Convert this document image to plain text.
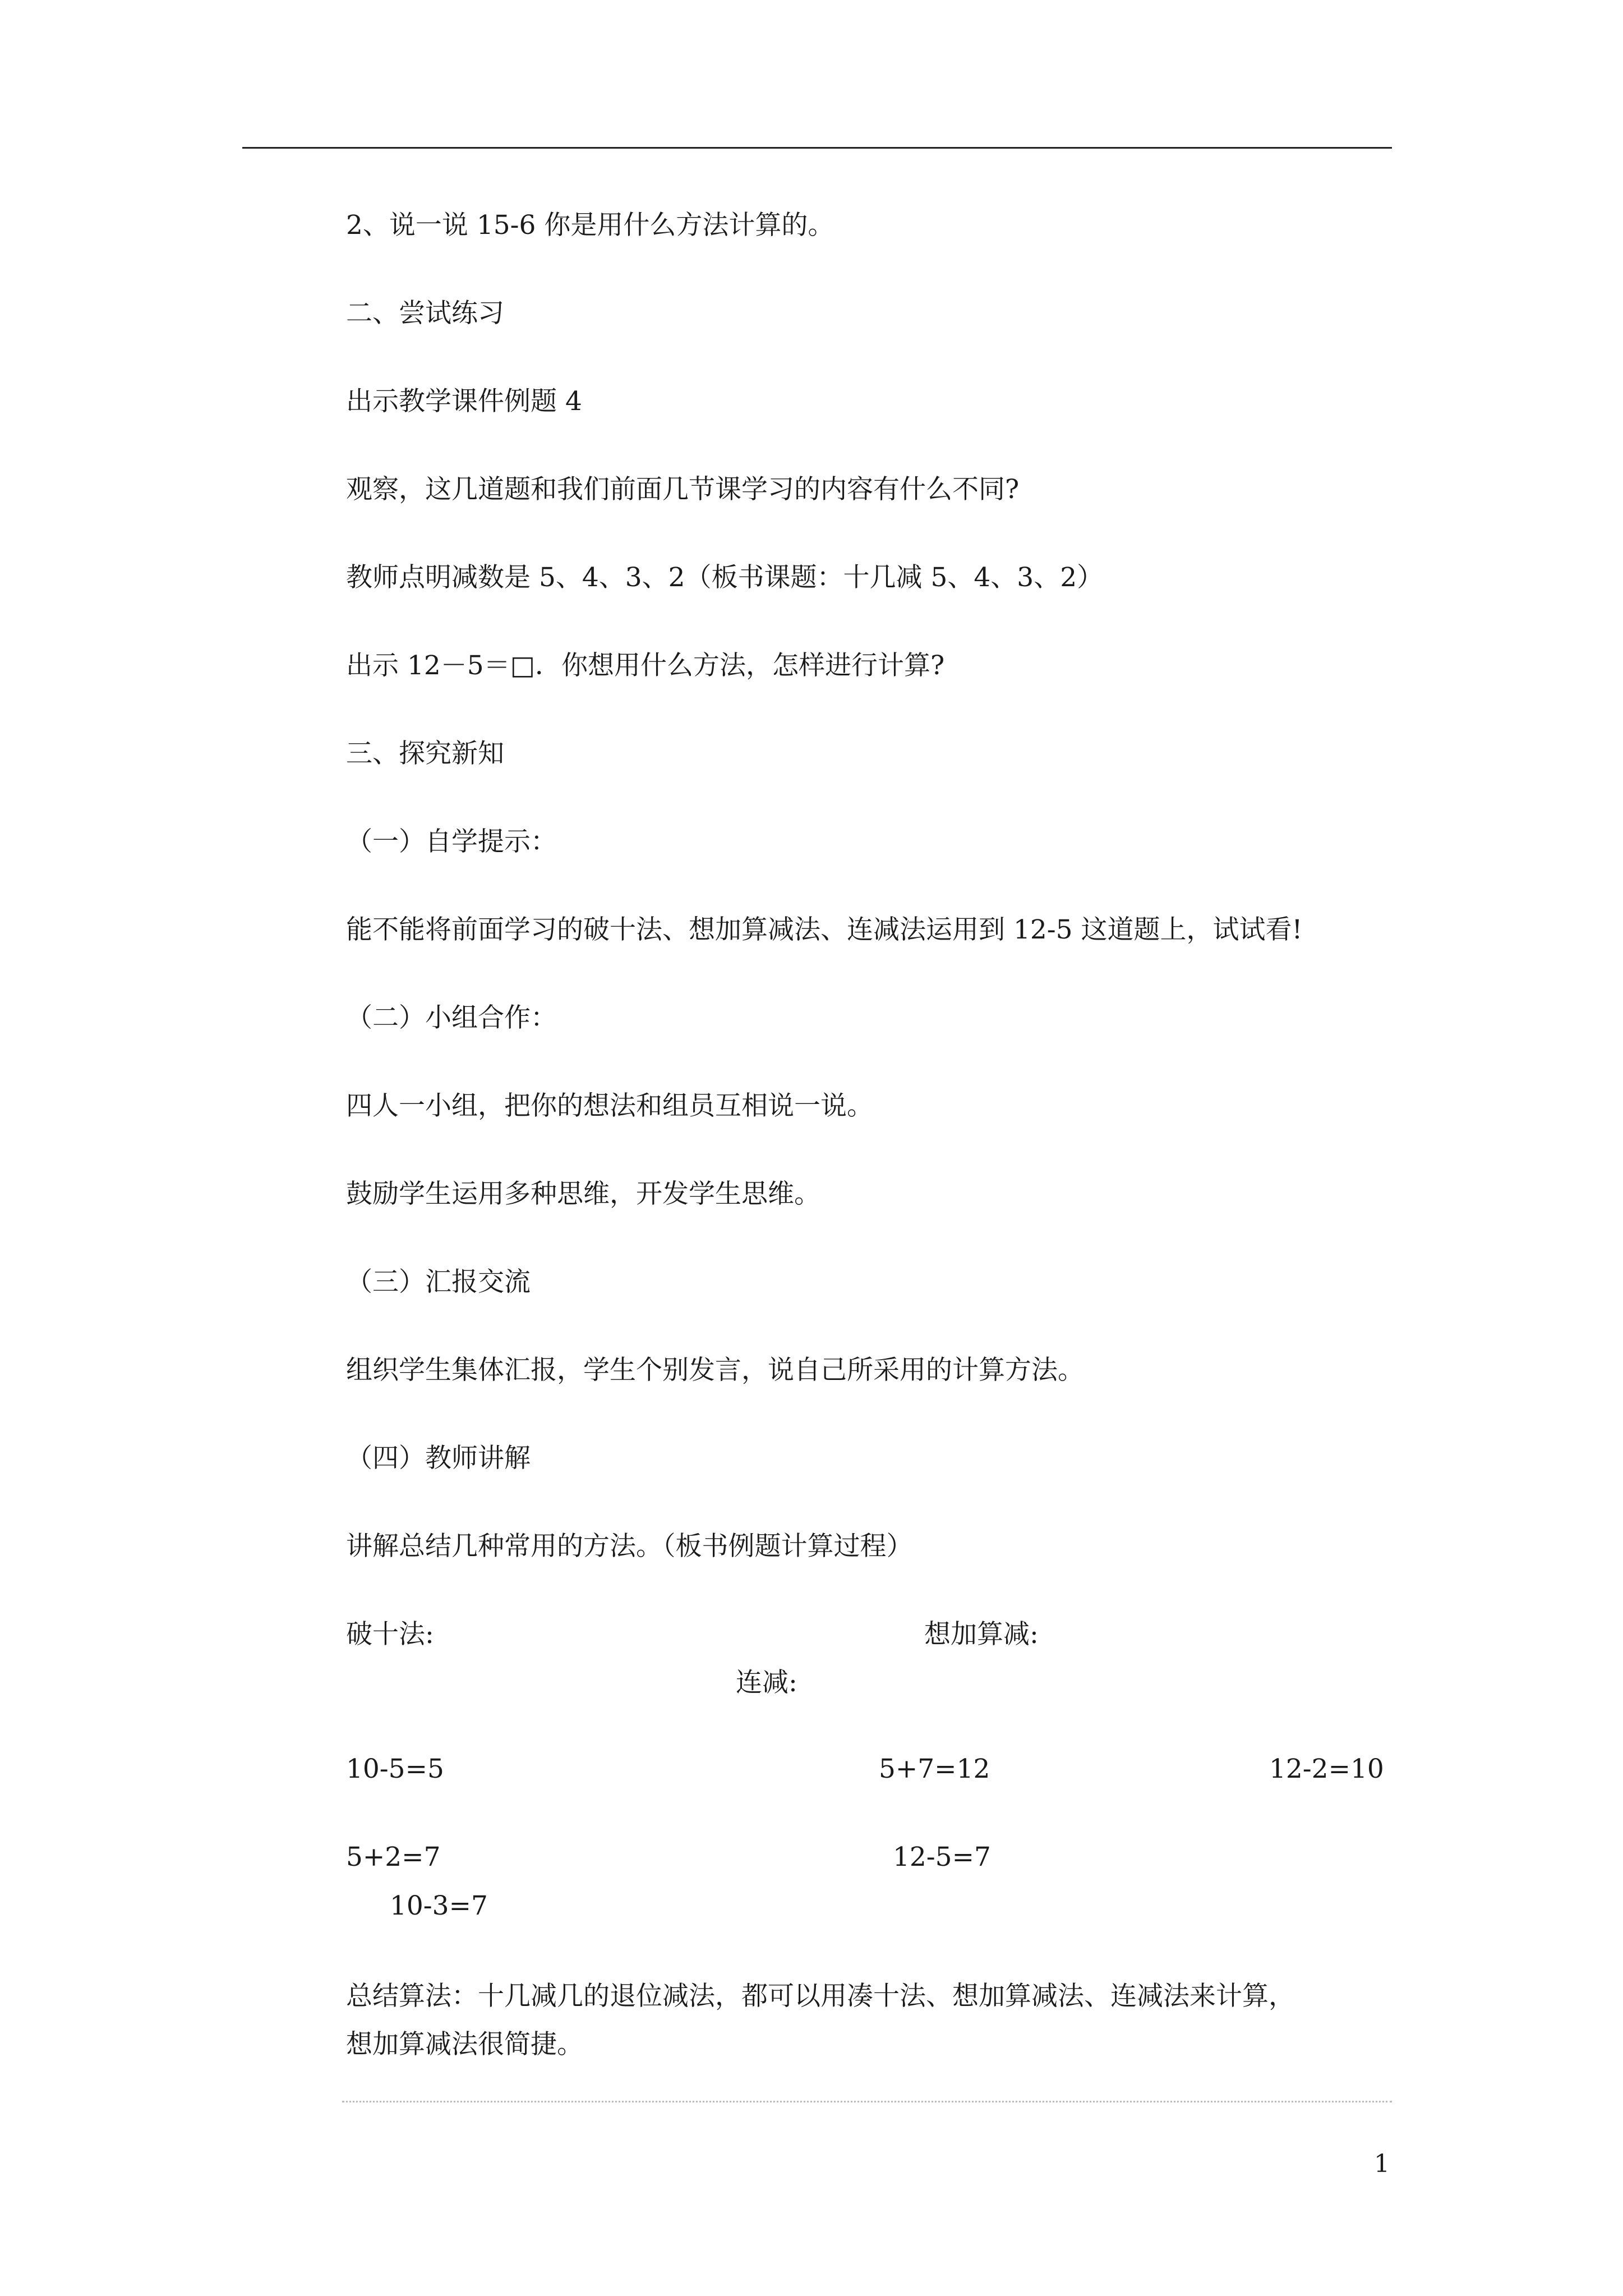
2、说一说 15-6 你是用什么方法计算的。
二、尝试练习
出示教学课件例题 4
观察，这几道题和我们前面几节课学习的内容有什么不同?
教师点明减数是 5、4、3、2（板书课题：十几减 5、4、3、2）
出示 12－5＝□．你想用什么方法，怎样进行计算?
三、探究新知
（一）自学提示：
能不能将前面学习的破十法、想加算减法、连减法运用到 12-5 这道题上，试试看!
（二）小组合作：
四人一小组，把你的想法和组员互相说一说。
鼓励学生运用多种思维，开发学生思维。
（三）汇报交流
组织学生集体汇报，学生个别发言，说自己所采用的计算方法。
（四）教师讲解
讲解总结几种常用的方法。（板书例题计算过程）
破十法:	想加算减:
连减:
10-5=5	5+7=12	12-2=10
5+2=7	12-5=7
10-3=7
总结算法：十几减几的退位减法，都可以用凑十法、想加算减法、连减法来计算，
想加算减法很简捷。
1
